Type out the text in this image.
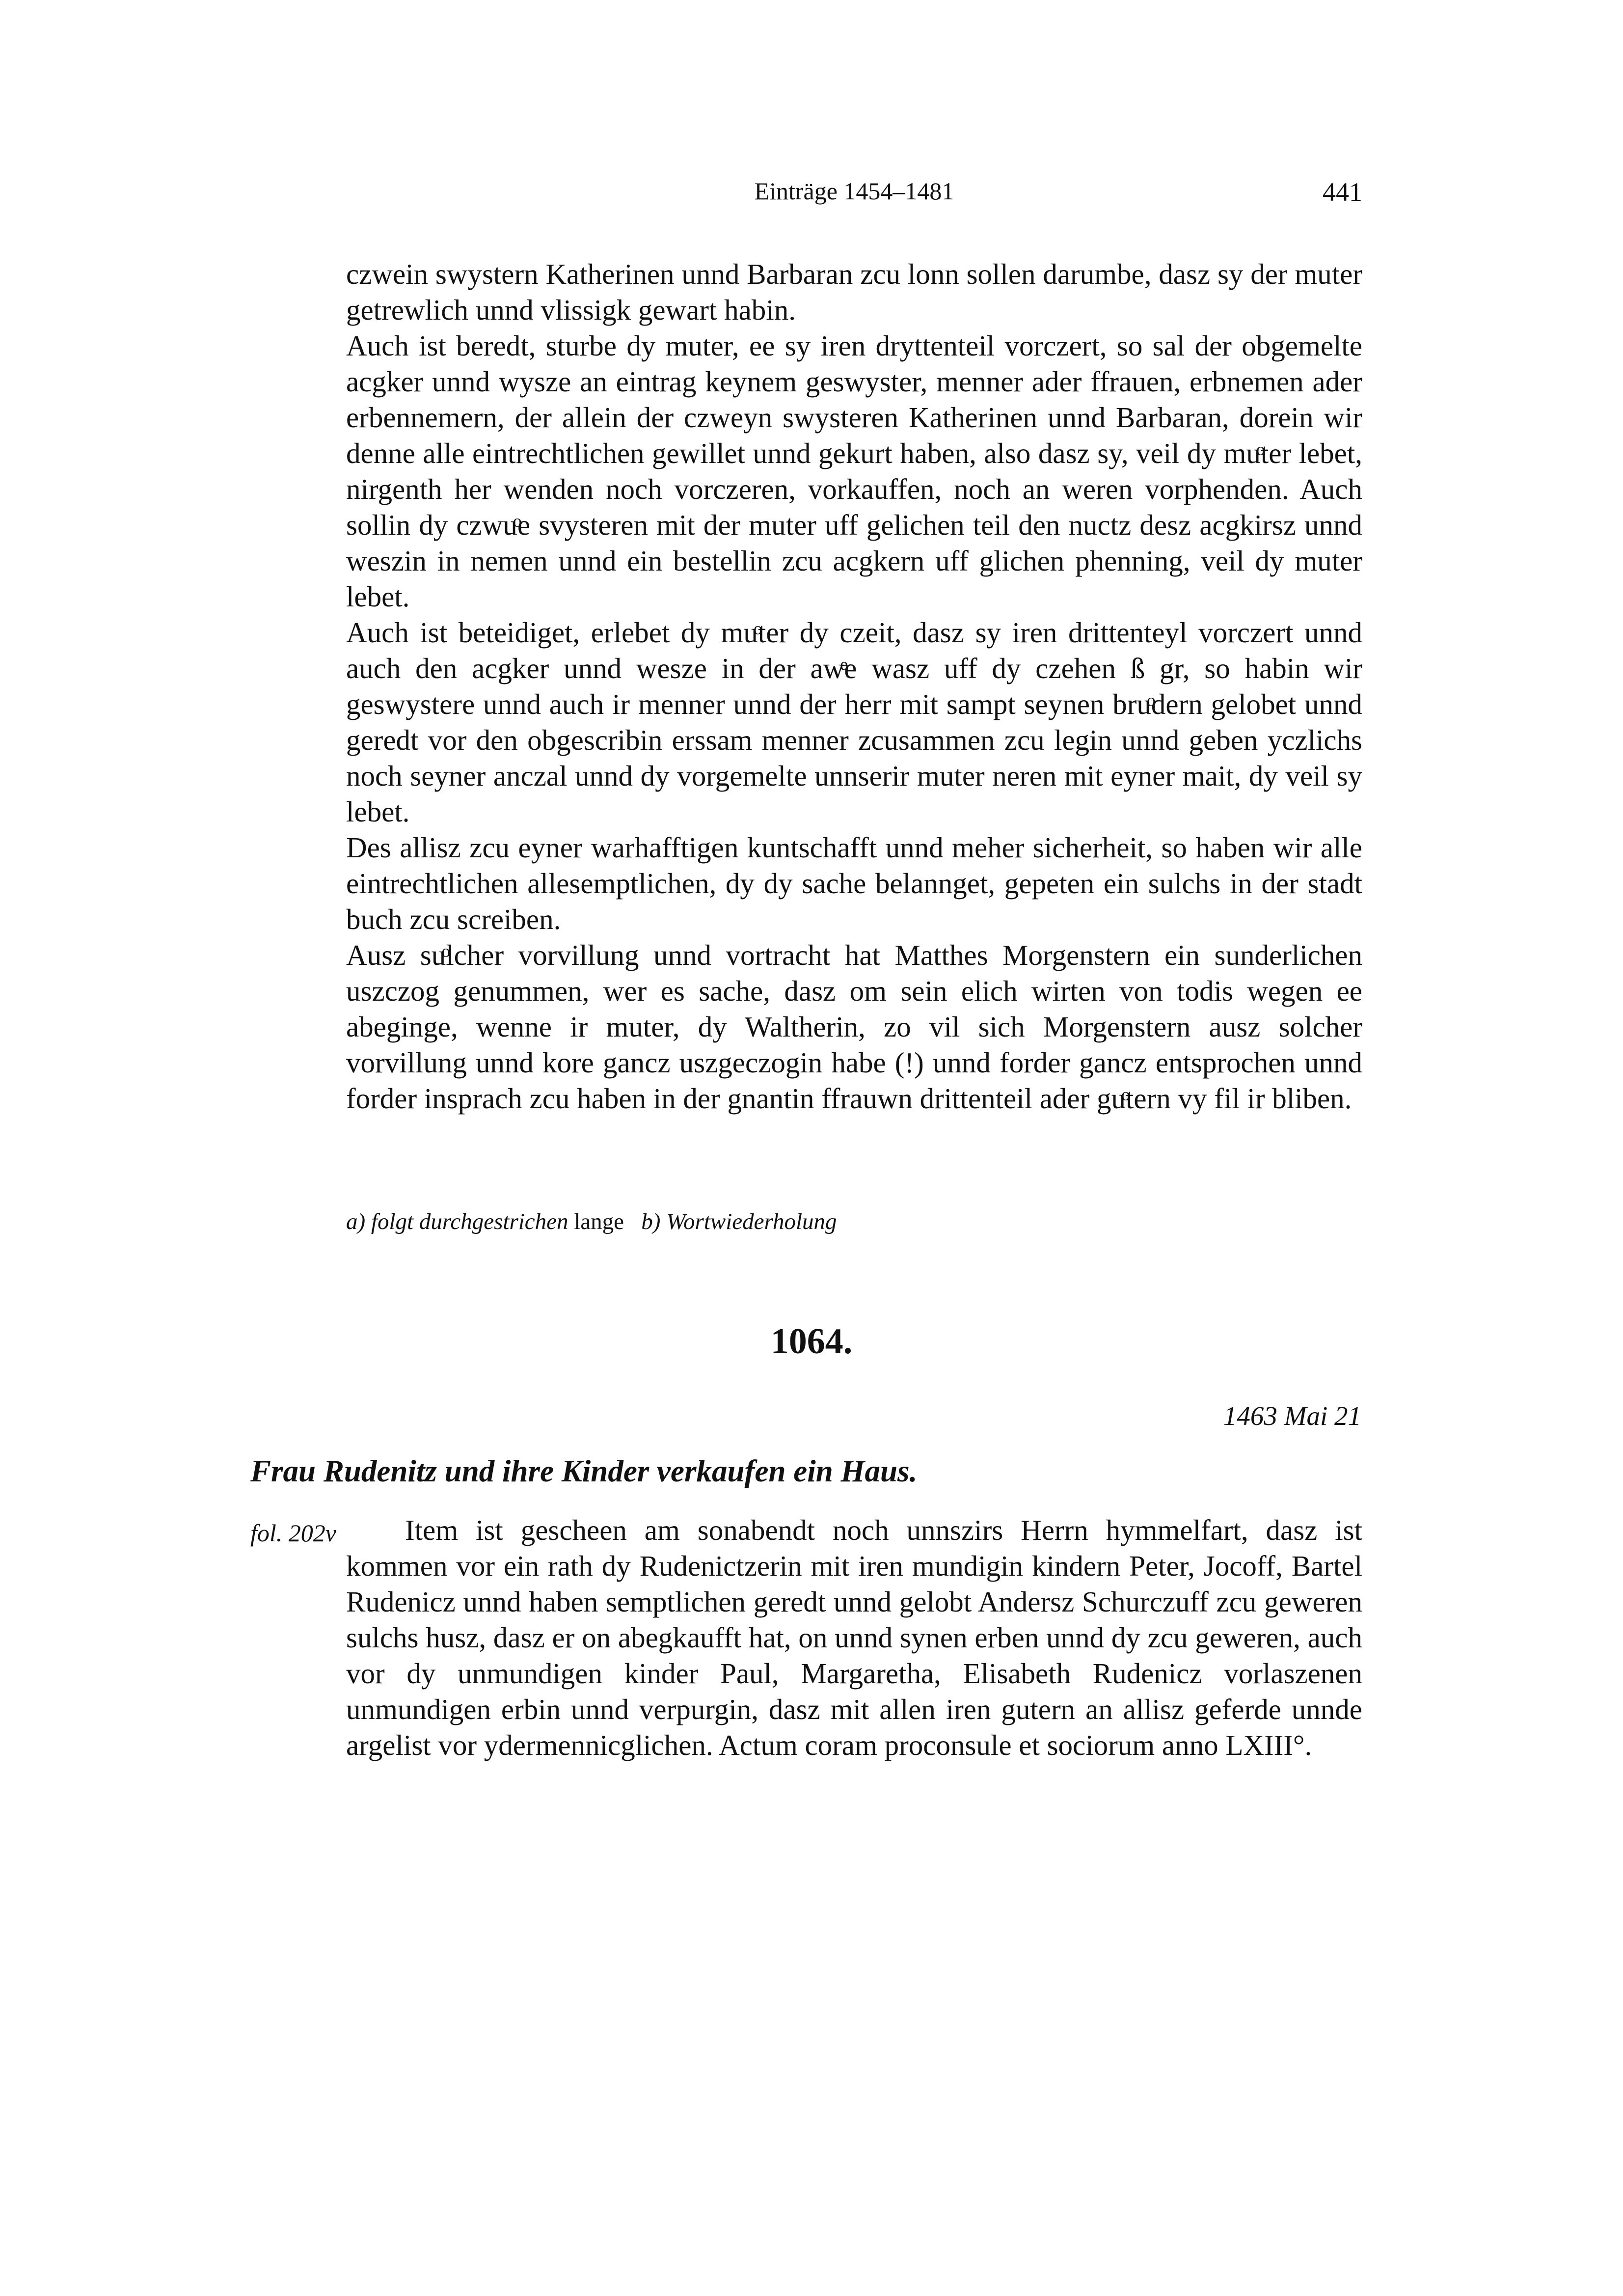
Einträge 1454–1481	441

czwein swystern Katherinen unnd Barbaran zcu lonn sollen darumbe, dasz sy der muter getrewlich unnd vlissigk gewart habin.

Auch ist beredt, sturbe dy muter, ee sy iren dryttenteil vorczert, so sal der obgemelte acgker unnd wysze an eintrag keynem geswyster, menner ader ffrauen, erbnemen ader erbennemern, der allein der czweyn swysteren Katherinen unnd Barbaran, dorein wir denne alle eintrechtlichen gewillet unnd gekurt haben, also dasz sy, veil dy muͦter lebet, nirgenth her wenden noch vorczeren, vorkauffen, noch an weren vorphenden. Auch sollin dy czwuͦe svysteren mit der muter uff gelichen teil den nuctz desz acgkirsz unnd weszin in nemen unnd ein bestellin zcu acgkern uff glichen phenning, veil dy muter lebet.

Auch ist beteidiget, erlebet dy muͦter dy czeit, dasz sy iren drittenteyl vorczert unnd auch den acgker unnd wesze in der awͤe wasz uff dy czehen ß gr, so habin wir geswystere unnd auch ir menner unnd der herr mit sampt seynen bruͦdern gelobet unnd geredt vor den obgescribin erssam menner zcusammen zcu legin unnd geben yczlichs noch seyner anczal unnd dy vorgemelte unnserir muter neren mit eyner mait, dy veil sy lebet.

Des allisz zcu eyner warhafftigen kuntschafft unnd meher sicherheit, so haben wir alle eintrechtlichen allesemptlichen, dy dy sache belannget, gepeten ein sulchs in der stadt buch zcu screiben.

Ausz suͦlcher vorvillung unnd vortracht hat Matthes Morgenstern ein sunderlichen uszczog genummen, wer es sache, dasz om sein elich wirten von todis wegen ee abeginge, wenne ir muter, dy Waltherin, zo vil sich Morgenstern ausz solcher vorvillung unnd kore gancz uszgeczogin habe (!) unnd forder gancz entsprochen unnd forder insprach zcu haben in der gnantin ffrauwn drittenteil ader guͦtern vy fil ir bliben.

a) folgt durchgestrichen lange b) Wortwiederholung
1064.
1463 Mai 21
Frau Rudenitz und ihre Kinder verkaufen ein Haus.
fol. 202v	Item ist gescheen am sonabendt noch unnszirs Herrn hymmelfart, dasz ist kommen vor ein rath dy Rudenictzerin mit iren mundigin kindern Peter, Jocoff, Bartel Rudenicz unnd haben semptlichen geredt unnd gelobt Andersz Schurczuff zcu geweren sulchs husz, dasz er on abegkaufft hat, on unnd synen erben unnd dy zcu geweren, auch vor dy unmundigen kinder Paul, Margaretha, Elisabeth Rudenicz vorlaszenen unmundigen erbin unnd verpurgin, dasz mit allen iren gutern an allisz geferde unnde argelist vor ydermennicglichen. Actum coram proconsule et sociorum anno LXIII°.
